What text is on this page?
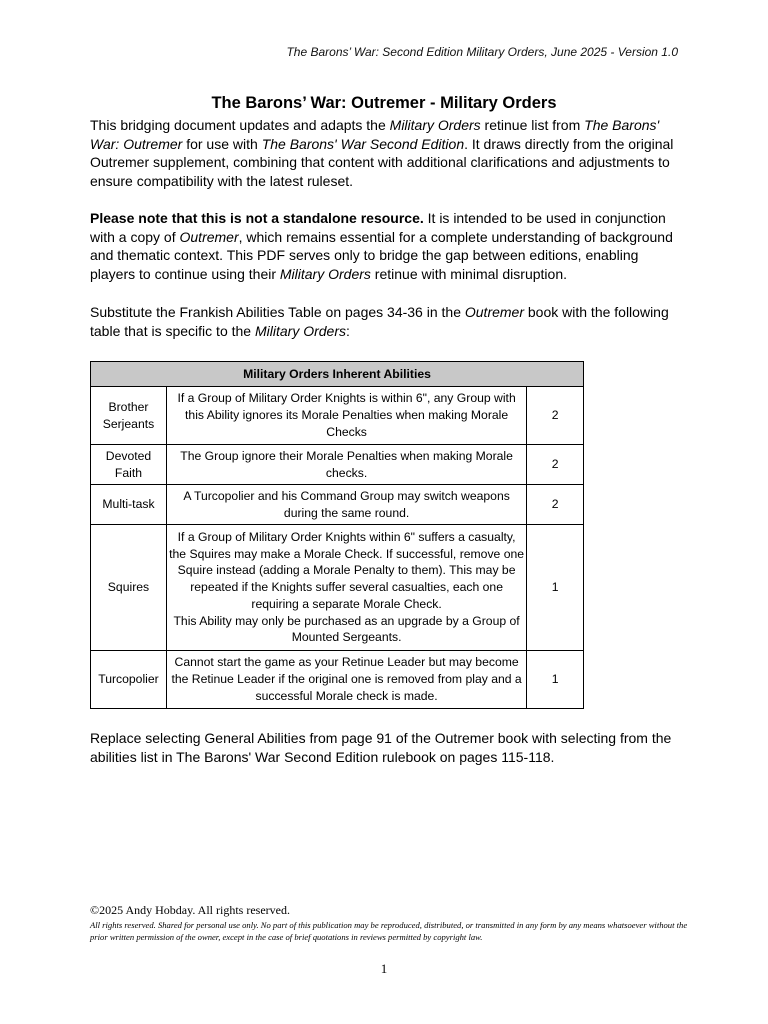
The Barons’ War: Second Edition Military Orders, June 2025 - Version 1.0
The Barons’ War: Outremer - Military Orders
This bridging document updates and adapts the Military Orders retinue list from The Barons' War: Outremer for use with The Barons' War Second Edition. It draws directly from the original Outremer supplement, combining that content with additional clarifications and adjustments to ensure compatibility with the latest ruleset.
Please note that this is not a standalone resource. It is intended to be used in conjunction with a copy of Outremer, which remains essential for a complete understanding of background and thematic context. This PDF serves only to bridge the gap between editions, enabling players to continue using their Military Orders retinue with minimal disruption.
Substitute the Frankish Abilities Table on pages 34-36 in the Outremer book with the following table that is specific to the Military Orders:
Military Orders Inherent Abilities		
Brother Serjeants	If a Group of Military Order Knights is within 6", any Group with this Ability ignores its Morale Penalties when making Morale Checks	2
Devoted Faith	The Group ignore their Morale Penalties when making Morale checks.	2
Multi-task	A Turcopolier and his Command Group may switch weapons during the same round.	2
Squires	If a Group of Military Order Knights within 6" suffers a casualty, the Squires may make a Morale Check. If successful, remove one Squire instead (adding a Morale Penalty to them). This may be repeated if the Knights suffer several casualties, each one requiring a separate Morale Check.
This Ability may only be purchased as an upgrade by a Group of Mounted Sergeants.	1
Turcopolier	Cannot start the game as your Retinue Leader but may become the Retinue Leader if the original one is removed from play and a successful Morale check is made.	1
Replace selecting General Abilities from page 91 of the Outremer book with selecting from the abilities list in The Barons' War Second Edition rulebook on pages 115-118.
©2025 Andy Hobday. All rights reserved.
All rights reserved. Shared for personal use only. No part of this publication may be reproduced, distributed, or transmitted in any form by any means whatsoever without the prior written permission of the owner, except in the case of brief quotations in reviews permitted by copyright law.
1
